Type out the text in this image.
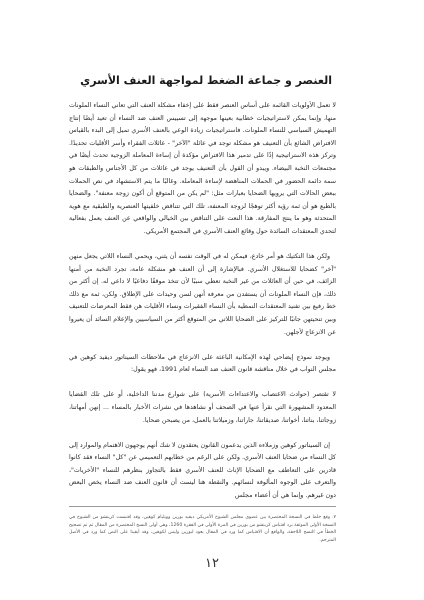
العنصر و جماعة الضغط لمواجهة العنف الأسري

لا تعمل الأولويات القائمة على أساس العنصر فقط على إخفاء مشكلة العنف التي تعاني النساء الملونات منها، وإنما يمكن لاستراتيجيات خطابية بعينها موجهة إلى تسييس العنف ضد النساء أن تعيد أيضًا إنتاج التهميش السياسي للنساء الملونات. فاستراتيجيات زيادة الوعي بالعنف الأسري تميل إلى البدء بالقياس الافتراض الشائع بأن التعنيف هو مشكلة توجد في عائلة "الآخر" - عائلات الفقراء وأسر الأقليات تحديدًا. وتركز هذه الاستراتيجية إذًا على تدمير هذا الافتراض مؤكدة أن إساءة المعاملة الزوجية تحدث أيضًا في مجتمعات النخبة البيضاء. ويبدو أن القول بأن التعنيف يوجد في عائلات من كل الأجناس والطبقات هو سمة دائمة الحضور في الحملات المناهضة لإساءة المعاملة. وغالبًا ما يتم الاستشهاد في نص الحملات ببعض الحالات التي يرويها الضحايا بعبارات مثل: "لم يكن من المتوقع أن أكون زوجة معنفة". والضحايا بالطبع هو أن ثمة رؤية أكثر توهجًا لزوجة المعنفة، تلك التي تتناقض خلفيتها العنصرية والطبقية مع هوية المتحدثة وهو ما ينتج المفارقة. هذا النعت على التناقض بين الخيالي والواقعي عن العنف يعمل بفعالية لتحدي المعتقدات السائدة حول وقائع العنف الأسري في المجتمع الأمريكي.

ولكن هذا التكتيك هو أمر خادع، فيمكن له في الوقت نفسه أن يثني، ويحمي النساء اللاتي يجعل منهن "آخر" كضحايا للاستغلال الأسري. فبالإشارة إلى أن العنف هو مشكلة عامة، تجرد النخبة من أمنها الزائف، في حين أن العائلات من غير النخبة تعطي سببًا لأن تتخذ موقفًا دفاعيًا لا داعي له. إن أكثر من ذلك، فإن النساء الملونات أن يستفدن من معرفة أنهن لسن وحيدات على الإطلاق. ولكن، ثمة مع ذلك خط رفيع بين تفنيد المعتقدات النمطية بأن النساء الفقيرات ونساء الأقليات هن فقط المعرضات للتعنيف وبين تنحيتهن جانبًا للتركيز على الضحايا اللاتي من المتوقع أكثر من السياسيين والإعلام السائد أن يعيروا عن الانزعاج لأجلهن.

ويوجد نموذج إيضاحي لهذه الإمكانية الباعثة على الانزعاج في ملاحظات السيناتور ديفيد كوهين في مجلس النواب في خلال مناقشة قانون العنف ضد النساء لعام 1991، فهو يقول:

لا تقتصر (حوادث الاغتصاب والاعتداءات الأسرية) على شوارع مدننا الداخلية، أو على تلك القضايا المعدود المشهورة التي نقرأ عنها في الصحف أو نشاهدها في نشرات الأخبار بالمساء ... إنهن أمهاتنا، زوجاتنا، بناتنا، أخواتنا، صديقاتنا، جاراتنا، وزميلاتنا بالعمل، من يصبحن ضحايا.

إن السيناتور كوهين وزملاءه الذين يدعمون القانون يعتقدون لا شك أنهم يوجهون الاهتمام والموارد إلى كل النساء من ضحايا العنف الأسري. ولكن على الرغم من خطابهم التعميمي عن "كل" النساء فقد كانوا قادرين على التعاطف مع الضحايا الإناث للعنف الأسري فقط بالتجاوز بنظرهم للنساء "الأخريات"، والتعرف على الوجوه المألوفة لنسائهم. والنقطة هنا ليست أن قانون العنف ضد النساء يخص البعض دون غيرهم. وإنما هي أن أعضاء مجلس

٧. وقع خلط في النسخة المختصرة بين عضوي مجلس الشيوخ الأمريكي ديفيد بورين وويليام كوهين، وقد اقتبست كرينشو من الشيوخ في النسخة الأولى الموثقة برد اقتباس كرينشو من بورين في المرة الأولى في الفقرة 1260، وهي أولى النسخ المختصرة من المقال ثم تم تصحيح الخطأ في النسخ اللاحقة، والواقع أن الاقتباس كما ورد في المقال يعود لبورين وليس لكوهين، وقد أبقينا على النص كما ورد في الأصل المترجم.
١٢
